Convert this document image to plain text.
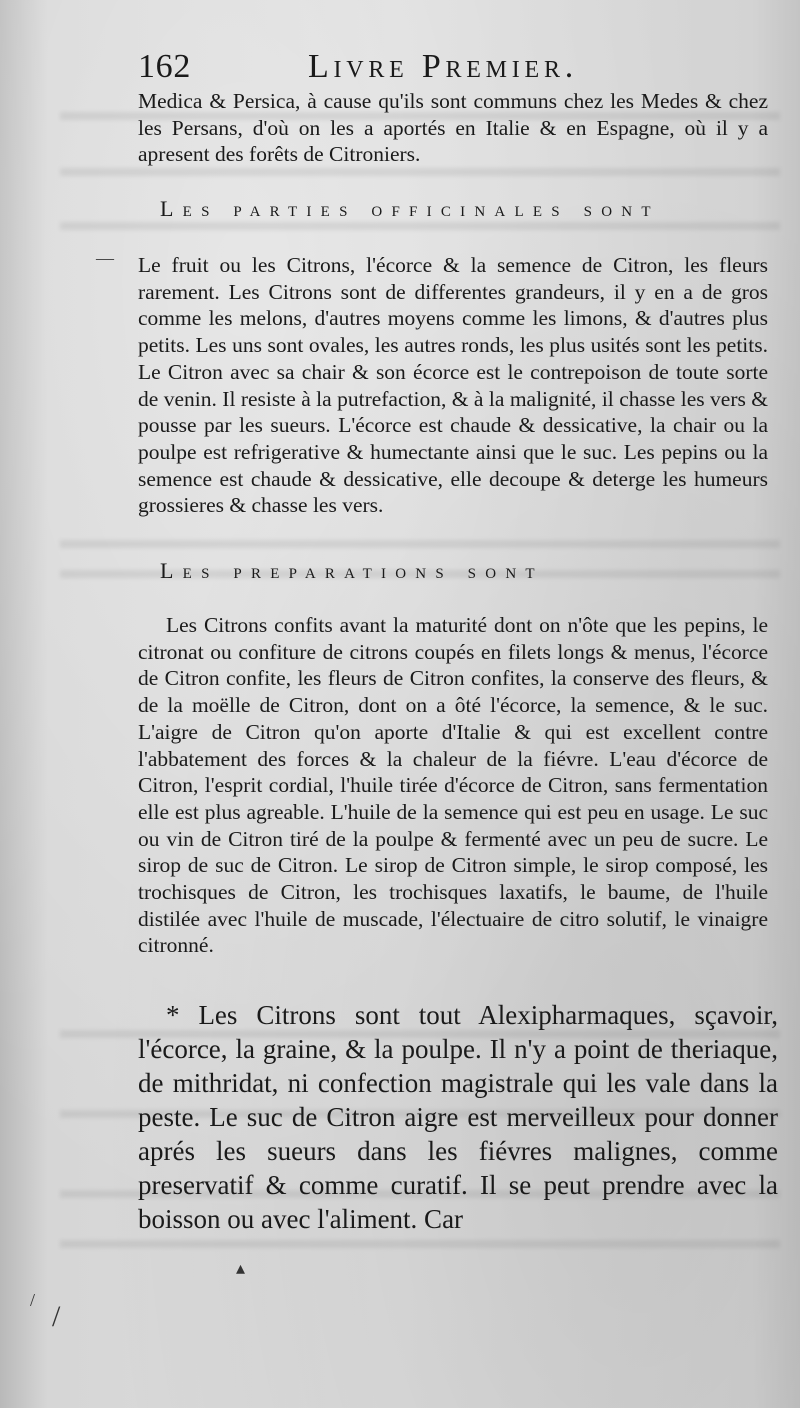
162	Livre Premier.

Medica & Persica, à cause qu'ils sont communs chez les Medes & chez les Persans, d'où on les a aportés en Italie & en Espagne, où il y a apresent des forêts de Citroniers.

Les parties officinales sont

Le fruit ou les Citrons, l'écorce & la semence de Citron, les fleurs rarement. Les Citrons sont de differentes grandeurs, il y en a de gros comme les melons, d'autres moyens comme les limons, & d'autres plus petits. Les uns sont ovales, les autres ronds, les plus usités sont les petits. Le Citron avec sa chair & son écorce est le contrepoison de toute sorte de venin. Il resiste à la putrefaction, & à la malignité, il chasse les vers & pousse par les sueurs. L'écorce est chaude & dessicative, la chair ou la poulpe est refrigerative & humectante ainsi que le suc. Les pepins ou la semence est chaude & dessicative, elle decoupe & deterge les humeurs grossieres & chasse les vers.

Les preparations sont

Les Citrons confits avant la maturité dont on n'ôte que les pepins, le citronat ou confiture de citrons coupés en filets longs & menus, l'écorce de Citron confite, les fleurs de Citron confites, la conserve des fleurs, & de la moëlle de Citron, dont on a ôté l'écorce, la semence, & le suc. L'aigre de Citron qu'on aporte d'Italie & qui est excellent contre l'abbatement des forces & la chaleur de la fiévre. L'eau d'écorce de Citron, l'esprit cordial, l'huile tirée d'écorce de Citron, sans fermentation elle est plus agreable. L'huile de la semence qui est peu en usage. Le suc ou vin de Citron tiré de la poulpe & fermenté avec un peu de sucre. Le sirop de suc de Citron. Le sirop de Citron simple, le sirop composé, les trochisques de Citron, les trochisques laxatifs, le baume, de l'huile distilée avec l'huile de muscade, l'électuaire de citro solutif, le vinaigre citronné.

* Les Citrons sont tout Alexipharmaques, sçavoir, l'écorce, la graine, & la poulpe. Il n'y a point de theriaque, de mithridat, ni confection magistrale qui les vale dans la peste. Le suc de Citron aigre est merveilleux pour donner aprés les sueurs dans les fiévres malignes, comme preservatif & comme curatif. Il se peut prendre avec la boisson ou avec l'aliment. Car

—
▴
/ /
